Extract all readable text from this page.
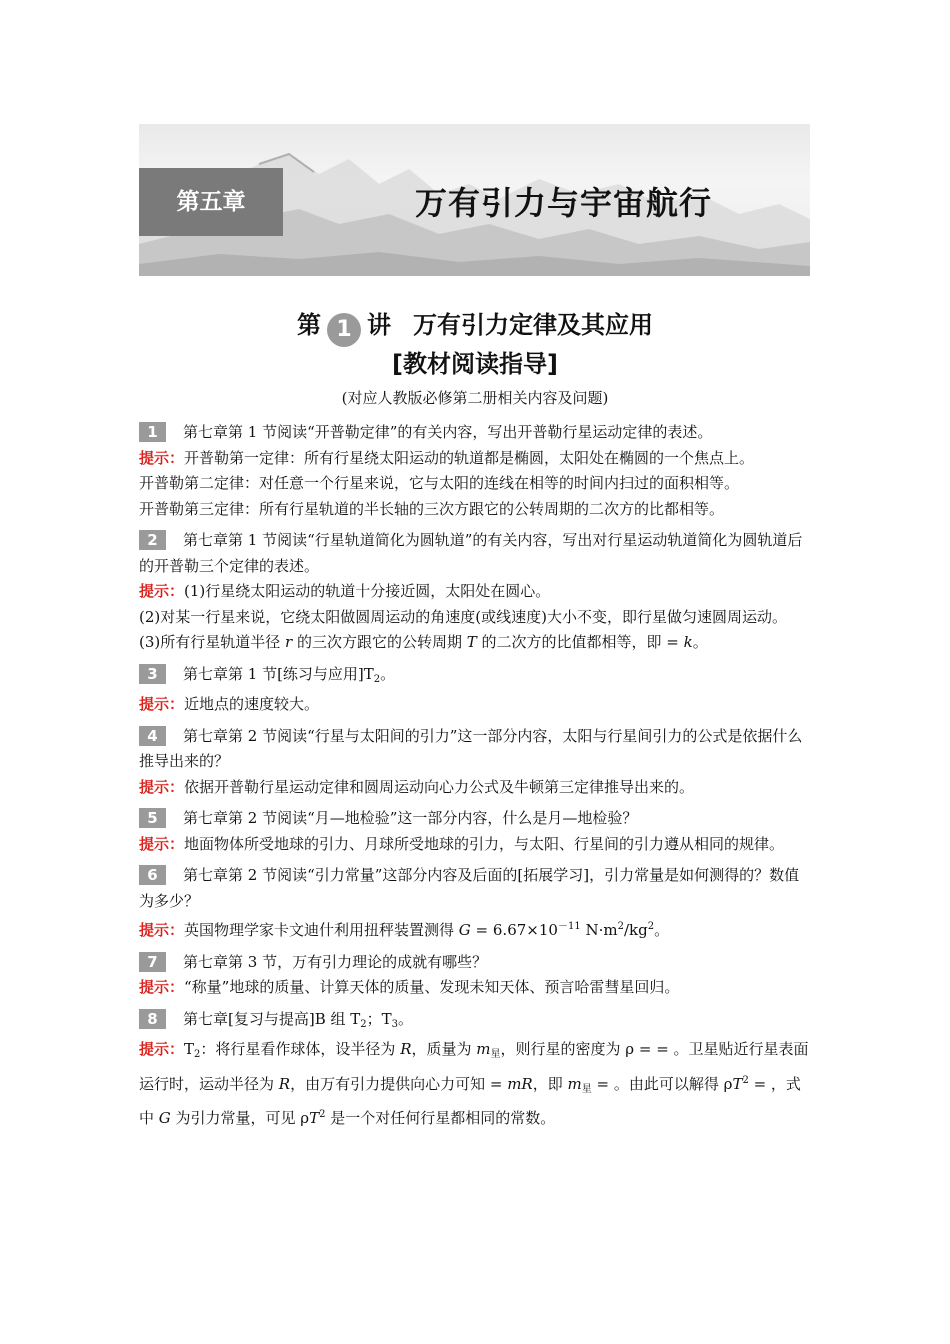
第五章	万有引力与宇宙航行
第 1 讲 万有引力定律及其应用
[教材阅读指导]
(对应人教版必修第二册相关内容及问题)
1 第七章第 1 节阅读“开普勒定律”的有关内容，写出开普勒行星运动定律的表述。
提示：开普勒第一定律：所有行星绕太阳运动的轨道都是椭圆，太阳处在椭圆的一个焦点上。
开普勒第二定律：对任意一个行星来说，它与太阳的连线在相等的时间内扫过的面积相等。
开普勒第三定律：所有行星轨道的半长轴的三次方跟它的公转周期的二次方的比都相等。
2 第七章第 1 节阅读“行星轨道简化为圆轨道”的有关内容，写出对行星运动轨道简化为圆轨道后的开普勒三个定律的表述。
提示：(1)行星绕太阳运动的轨道十分接近圆，太阳处在圆心。
(2)对某一行星来说，它绕太阳做圆周运动的角速度(或线速度)大小不变，即行星做匀速圆周运动。
(3)所有行星轨道半径 r 的三次方跟它的公转周期 T 的二次方的比值都相等，即 = k。
3 第七章第 1 节[练习与应用]$T_2$。
提示：近地点的速度较大。
4 第七章第 2 节阅读“行星与太阳间的引力”这一部分内容，太阳与行星间引力的公式是依据什么推导出来的？
提示：依据开普勒行星运动定律和圆周运动向心力公式及牛顿第三定律推导出来的。
5 第七章第 2 节阅读“月—地检验”这一部分内容，什么是月—地检验？
提示：地面物体所受地球的引力、月球所受地球的引力，与太阳、行星间的引力遵从相同的规律。
6 第七章第 2 节阅读“引力常量”这部分内容及后面的[拓展学习]，引力常量是如何测得的？数值为多少？
提示：英国物理学家卡文迪什利用扭秤装置测得 $G = 6.67\times 10^{-11}$ $N\cdot m^2/kg^2$。
7 第七章第 3 节，万有引力理论的成就有哪些？
提示：“称量”地球的质量、计算天体的质量、发现未知天体、预言哈雷彗星回归。
8 第七章[复习与提高]B 组 $T_2$；$T_3$。
提示：$T_2$：将行星看作球体，设半径为 R，质量为 $m_星$，则行星的密度为 ρ = = 。卫星贴近行星表面运行时，运动半径为 R，由万有引力提供向心力可知 = mR，即 $m_星$ = 。由此可以解得 $\rho T^2$ = ，式中 G 为引力常量，可见 $\rho T^2$ 是一个对任何行星都相同的常数。
